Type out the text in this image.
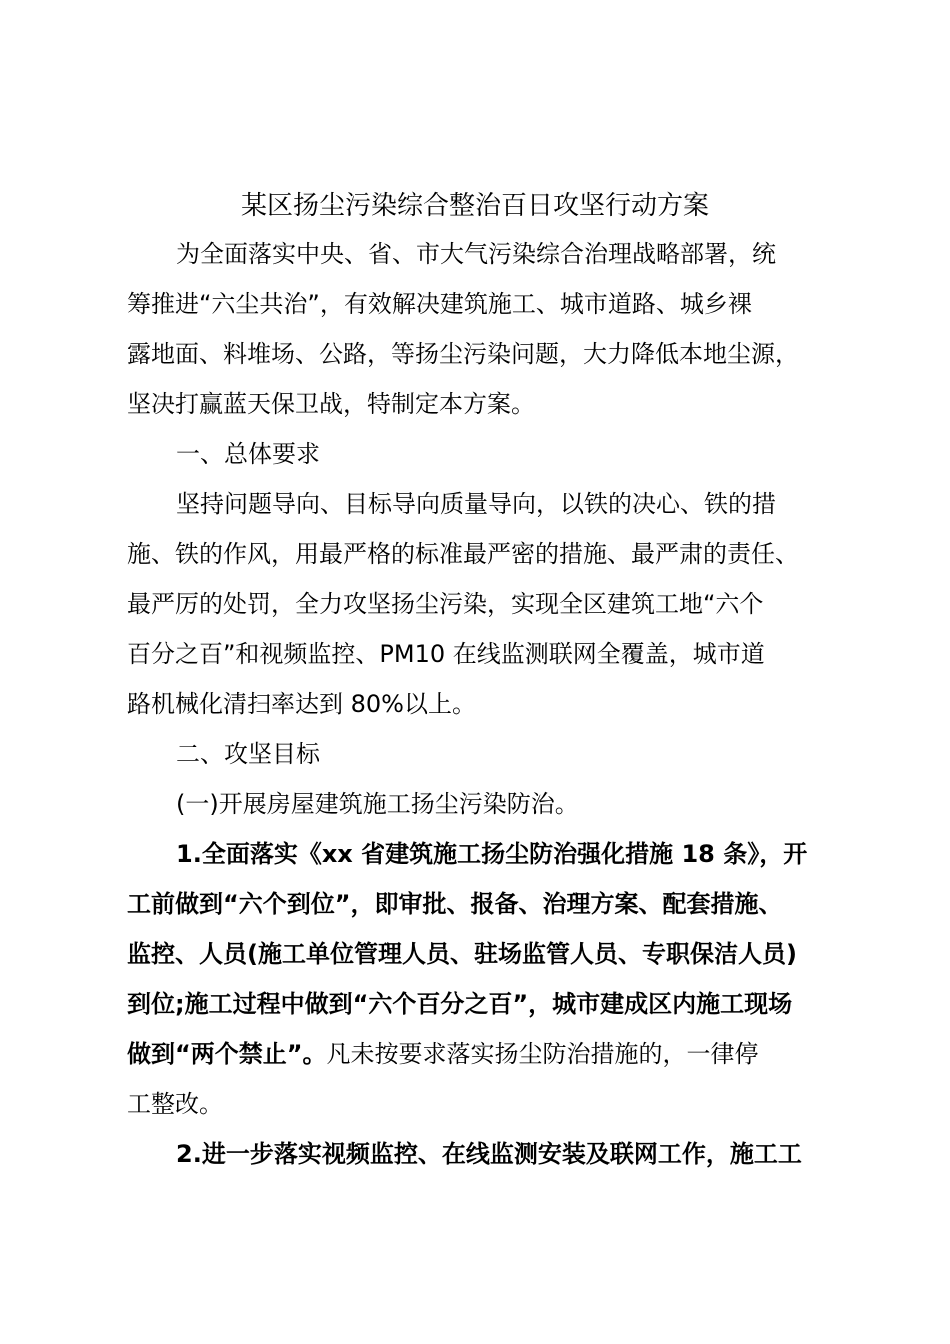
某区扬尘污染综合整治百日攻坚行动方案

为全面落实中央、省、市大气污染综合治理战略部署，统

筹推进“六尘共治”，有效解决建筑施工、城市道路、城乡裸

露地面、料堆场、公路，等扬尘污染问题，大力降低本地尘源，

坚决打赢蓝天保卫战，特制定本方案。

一、总体要求

坚持问题导向、目标导向质量导向，以铁的决心、铁的措

施、铁的作风，用最严格的标准最严密的措施、最严肃的责任、

最严厉的处罚，全力攻坚扬尘污染，实现全区建筑工地“六个

百分之百”和视频监控、PM10 在线监测联网全覆盖，城市道

路机械化清扫率达到 80%以上。

二、攻坚目标

(一)开展房屋建筑施工扬尘污染防治。

1.全面落实《xx 省建筑施工扬尘防治强化措施 18 条》，开

工前做到“六个到位”，即审批、报备、治理方案、配套措施、

监控、人员(施工单位管理人员、驻场监管人员、专职保洁人员)

到位;施工过程中做到“六个百分之百”，城市建成区内施工现场

做到“两个禁止”。凡未按要求落实扬尘防治措施的，一律停

工整改。

2.进一步落实视频监控、在线监测安装及联网工作，施工工
